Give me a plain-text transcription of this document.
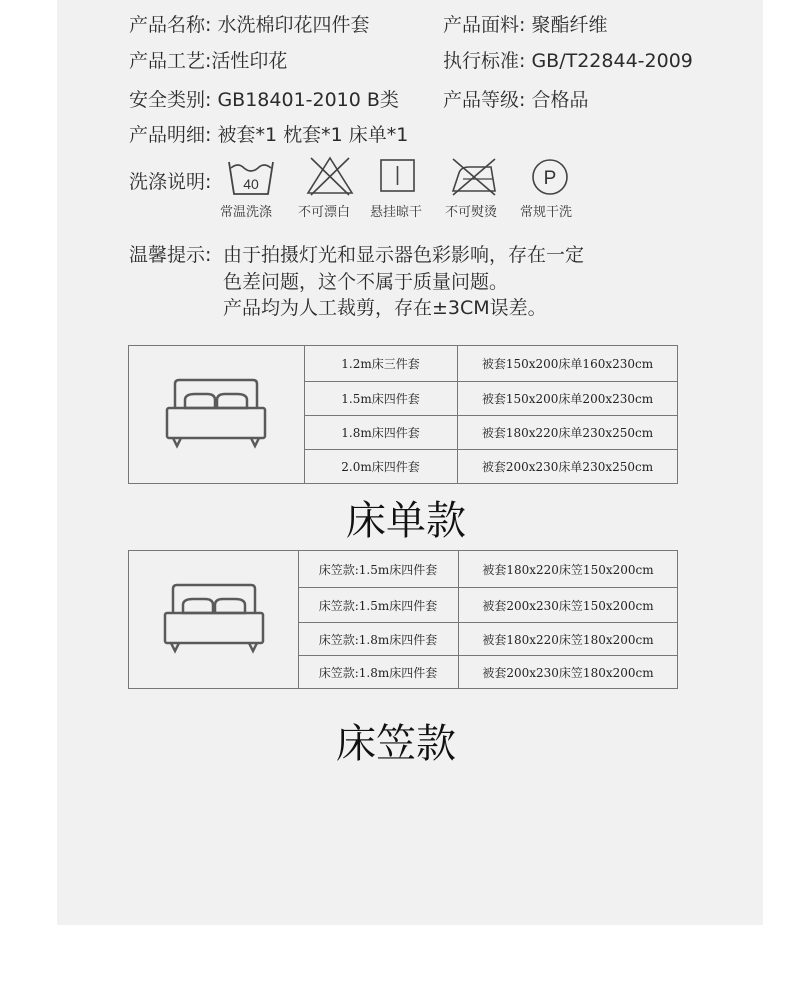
产品名称: 水洗棉印花四件套	产品面料: 聚酯纤维
产品工艺:活性印花	执行标准: GB/T22844-2009
安全类别: GB18401-2010 B类 产品等级: 合格品
产品明细: 被套*1 枕套*1 床单*1
洗涤说明: 40	P
常温洗涤 不可漂白 悬挂晾干 不可熨烫 常规干洗
温馨提示: 由于拍摄灯光和显示器色彩影响，存在一定
色差问题，这个不属于质量问题。
产品均为人工裁剪，存在±3CM误差。
1.2m床三件套	被套150x200床单160x230cm
1.5m床四件套	被套150x200床单200x230cm
1.8m床四件套	被套180x220床单230x250cm
2.0m床四件套	被套200x230床单230x250cm
床单款
床笠款:1.5m床四件套	被套180x220床笠150x200cm
床笠款:1.5m床四件套	被套200x230床笠150x200cm
床笠款:1.8m床四件套	被套180x220床笠180x200cm
床笠款:1.8m床四件套	被套200x230床笠180x200cm
床笠款
